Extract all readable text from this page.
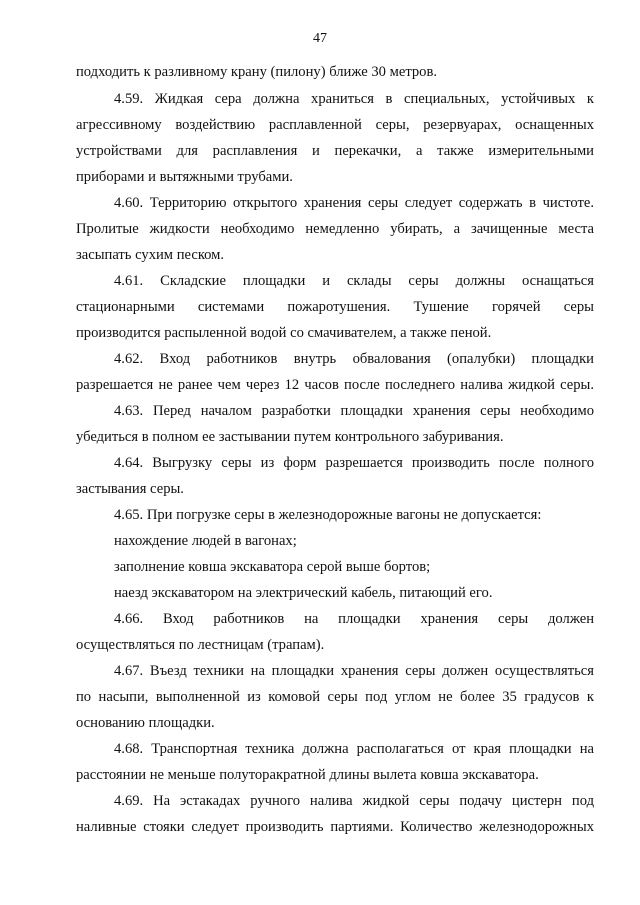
47
подходить к разливному крану (пилону) ближе 30 метров.
4.59. Жидкая сера должна храниться в специальных, устойчивых к
агрессивному воздействию расплавленной серы, резервуарах, оснащенных
устройствами для расплавления и перекачки, а также измерительными
приборами и вытяжными трубами.
4.60. Территорию открытого хранения серы следует содержать в чистоте.
Пролитые жидкости необходимо немедленно убирать, а зачищенные места
засыпать сухим песком.
4.61. Складские площадки и склады серы должны оснащаться
стационарными системами пожаротушения. Тушение горячей серы
производится распыленной водой со смачивателем, а также пеной.
4.62. Вход работников внутрь обвалования (опалубки) площадки
разрешается не ранее чем через 12 часов после последнего налива жидкой серы.
4.63. Перед началом разработки площадки хранения серы необходимо
убедиться в полном ее застывании путем контрольного забуривания.
4.64. Выгрузку серы из форм разрешается производить после полного
застывания серы.
4.65. При погрузке серы в железнодорожные вагоны не допускается:
нахождение людей в вагонах;
заполнение ковша экскаватора серой выше бортов;
наезд экскаватором на электрический кабель, питающий его.
4.66. Вход работников на площадки хранения серы должен
осуществляться по лестницам (трапам).
4.67. Въезд техники на площадки хранения серы должен осуществляться
по насыпи, выполненной из комовой серы под углом не более 35 градусов к
основанию площадки.
4.68. Транспортная техника должна располагаться от края площадки на
расстоянии не меньше полуторакратной длины вылета ковша экскаватора.
4.69. На эстакадах ручного налива жидкой серы подачу цистерн под
наливные стояки следует производить партиями. Количество железнодорожных
